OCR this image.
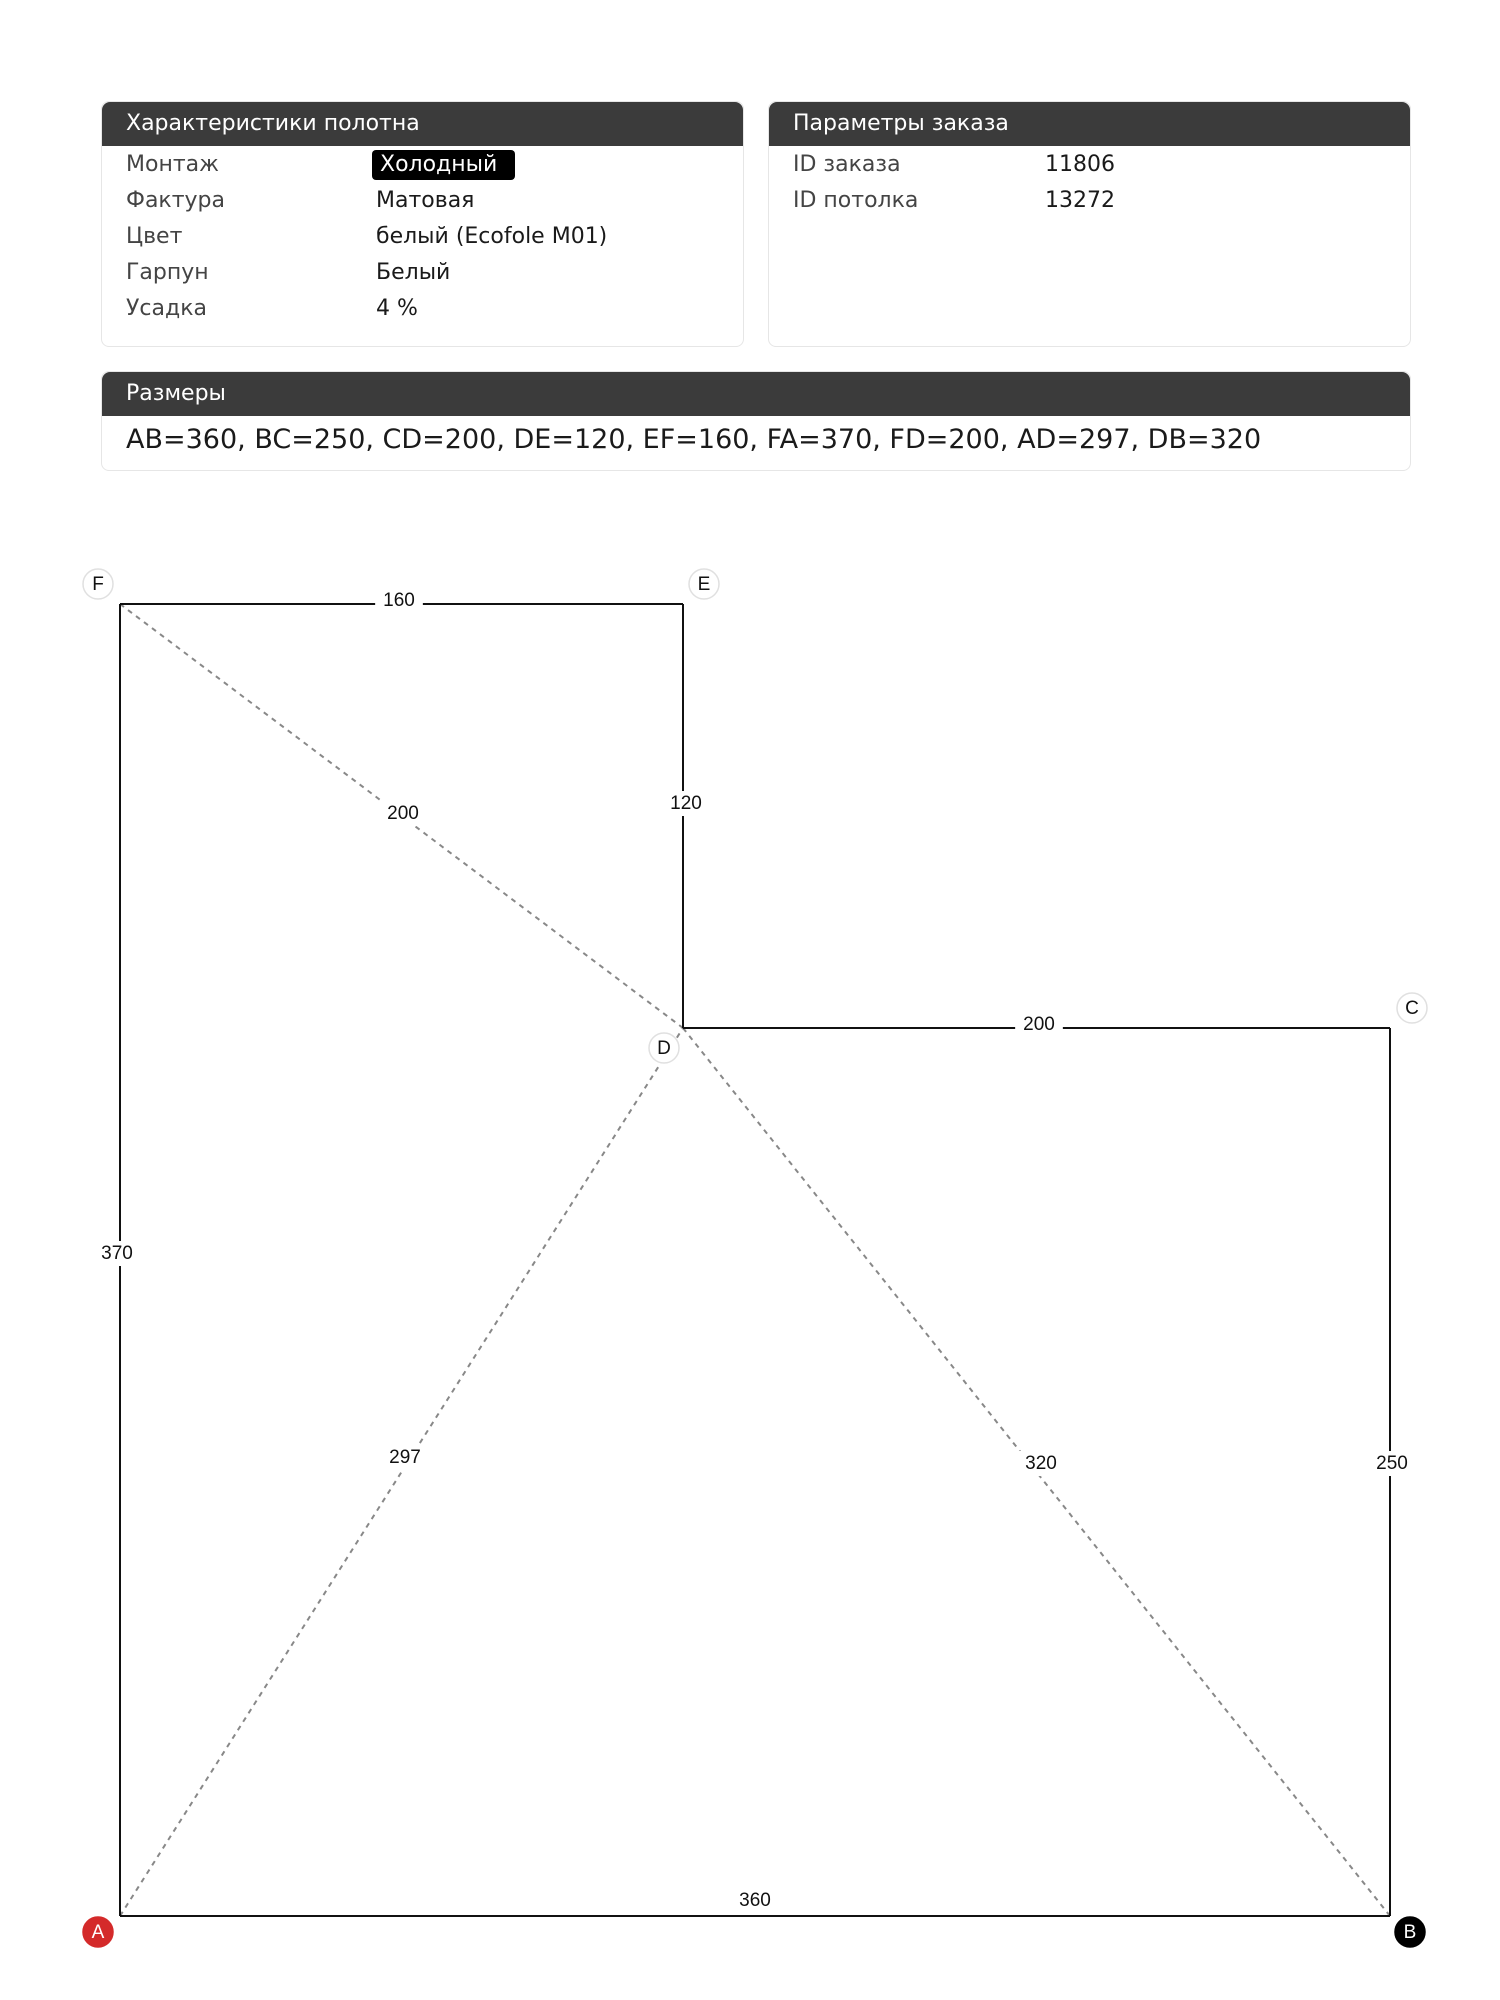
Характеристики полотна
Монтаж	Холодный
Фактура	Матовая
Цвет	белый (Ecofole M01)
Гарпун	Белый
Усадка	4 %
Параметры заказа
ID заказа	11806
ID потолка	13272
Размеры
AB=360, BC=250, CD=200, DE=120, EF=160, FA=370, FD=200, AD=297, DB=320
360
250
200
120
160
370
200
297	320
A	B
C
D
E
F
